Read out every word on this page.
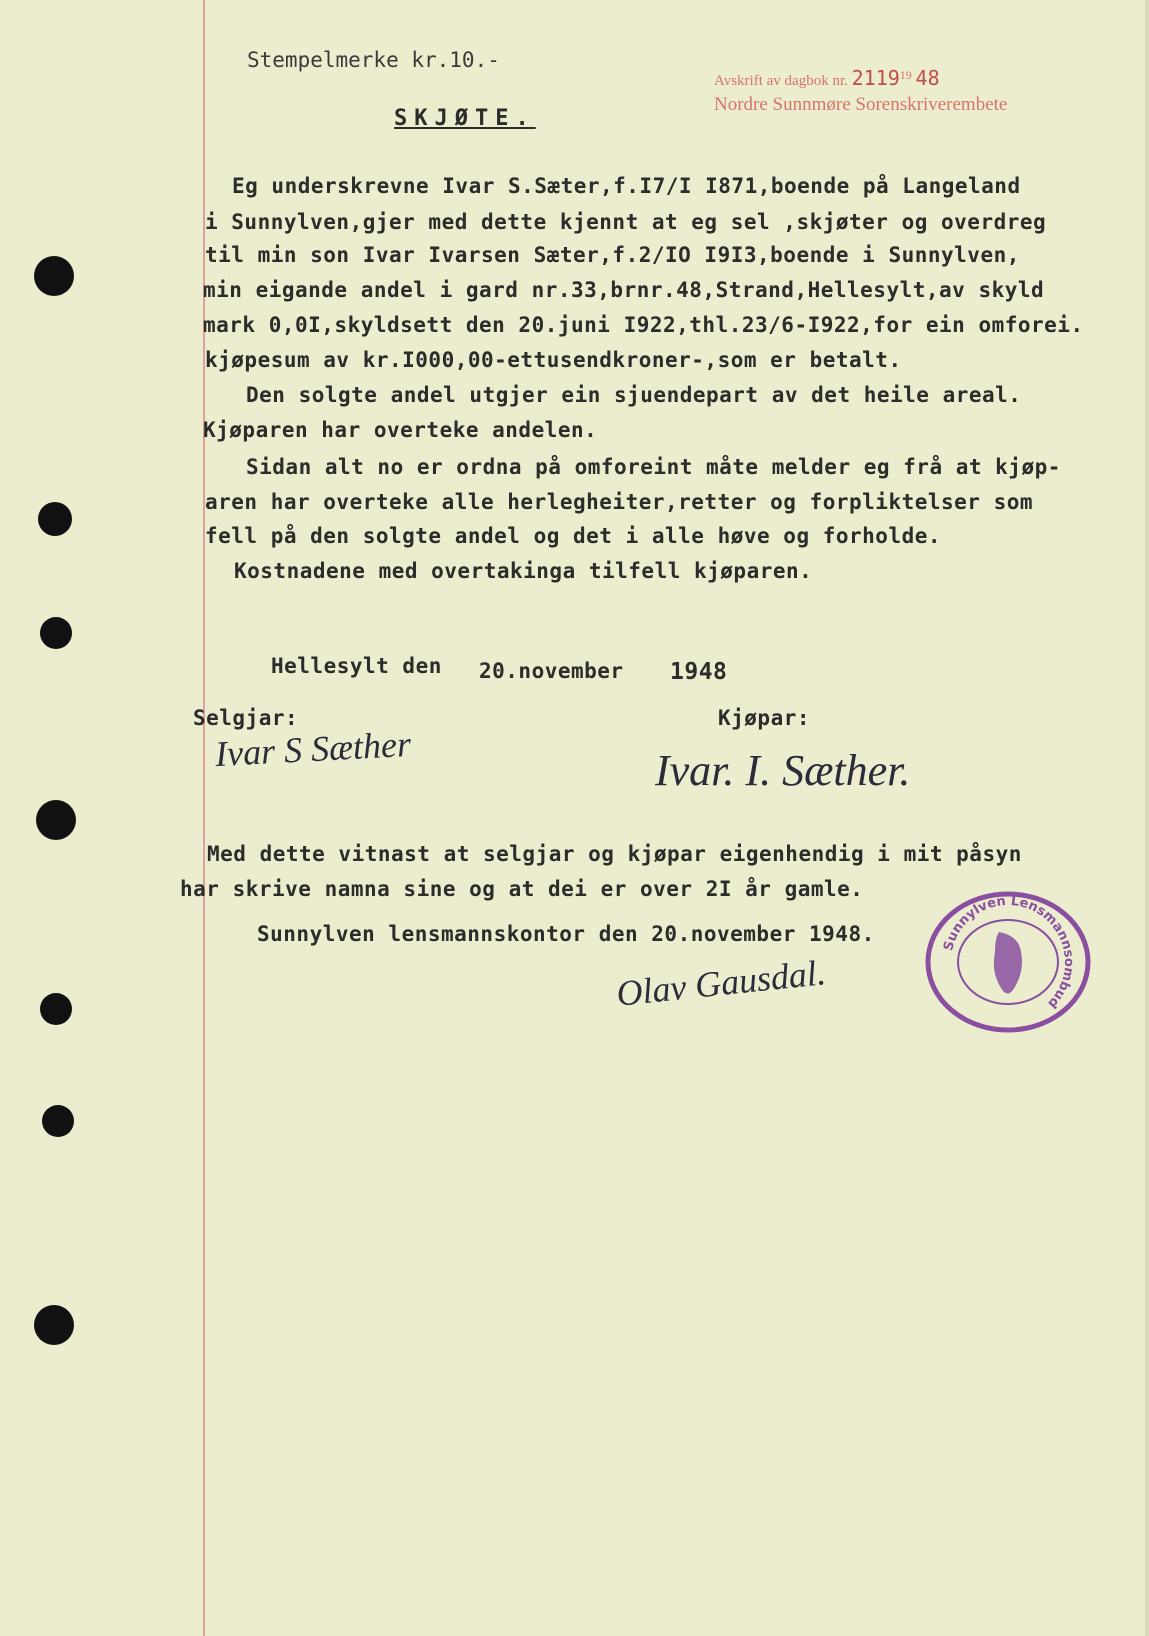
Stempelmerke kr.10.-
SKJØTE.
Avskrift av dagbok nr. 2119$^{19}$ 48
Nordre Sunnmøre Sorenskriverembete
Eg underskrevne Ivar S.Sæter,f.I7/I I871,boende på Langeland
i Sunnylven,gjer med dette kjennt at eg sel ,skjøter og overdreg
til min son Ivar Ivarsen Sæter,f.2/IO I9I3,boende i Sunnylven,
min eigande andel i gard nr.33,brnr.48,Strand,Hellesylt,av skyld
mark 0,0I,skyldsett den 20.juni I922,thl.23/6-I922,for ein omforei.
kjøpesum av kr.I000,00-ettusendkroner-,som er betalt.
Den solgte andel utgjer ein sjuendepart av det heile areal.
Kjøparen har overteke andelen.
Sidan alt no er ordna på omforeint måte melder eg frå at kjøp-
aren har overteke alle herlegheiter,retter og forpliktelser som
fell på den solgte andel og det i alle høve og forholde.
Kostnadene med overtakinga tilfell kjøparen.
Hellesylt den 20.november 1948
Selgjar:
Ivar S Sæther
Kjøpar:
Ivar. I. Sæther.
Med dette vitnast at selgjar og kjøpar eigenhendig i mit påsyn
har skrive namna sine og at dei er over 2I år gamle.
Sunnylven lensmannskontor den 20.november 1948.
Olav Gausdal.
Sunnylven Lensmannsombud
